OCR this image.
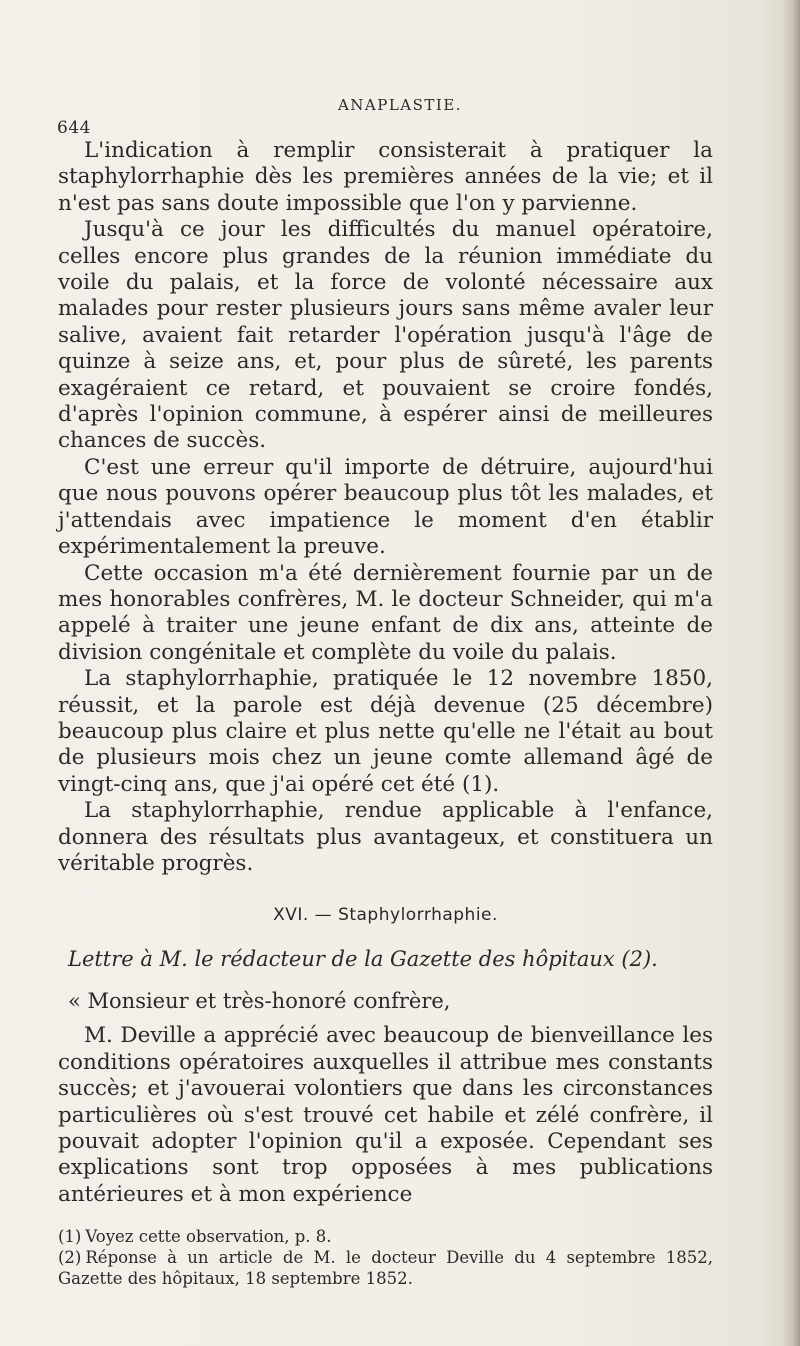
ANAPLASTIE.
644

L'indication à remplir consisterait à pratiquer la staphylorrhaphie dès les premières années de la vie; et il n'est pas sans doute impossible que l'on y parvienne.

Jusqu'à ce jour les difficultés du manuel opératoire, celles encore plus grandes de la réunion immédiate du voile du palais, et la force de volonté nécessaire aux malades pour rester plusieurs jours sans même avaler leur salive, avaient fait retarder l'opération jusqu'à l'âge de quinze à seize ans, et, pour plus de sûreté, les parents exagéraient ce retard, et pouvaient se croire fondés, d'après l'opinion commune, à espérer ainsi de meilleures chances de succès.

C'est une erreur qu'il importe de détruire, aujourd'hui que nous pouvons opérer beaucoup plus tôt les malades, et j'attendais avec impatience le moment d'en établir expérimentalement la preuve.

Cette occasion m'a été dernièrement fournie par un de mes honorables confrères, M. le docteur Schneider, qui m'a appelé à traiter une jeune enfant de dix ans, atteinte de division congénitale et complète du voile du palais.

La staphylorrhaphie, pratiquée le 12 novembre 1850, réussit, et la parole est déjà devenue (25 décembre) beaucoup plus claire et plus nette qu'elle ne l'était au bout de plusieurs mois chez un jeune comte allemand âgé de vingt-cinq ans, que j'ai opéré cet été (1).

La staphylorrhaphie, rendue applicable à l'enfance, donnera des résultats plus avantageux, et constituera un véritable progrès.

XVI. — Staphylorrhaphie.
Lettre à M. le rédacteur de la Gazette des hôpitaux (2).
« Monsieur et très-honoré confrère,

M. Deville a apprécié avec beaucoup de bienveillance les conditions opératoires auxquelles il attribue mes constants succès; et j'avouerai volontiers que dans les circonstances particulières où s'est trouvé cet habile et zélé confrère, il pouvait adopter l'opinion qu'il a exposée. Cependant ses explications sont trop opposées à mes publications antérieures et à mon expérience

(1) Voyez cette observation, p. 8.

(2) Réponse à un article de M. le docteur Deville du 4 septembre 1852, Gazette des hôpitaux, 18 septembre 1852.
